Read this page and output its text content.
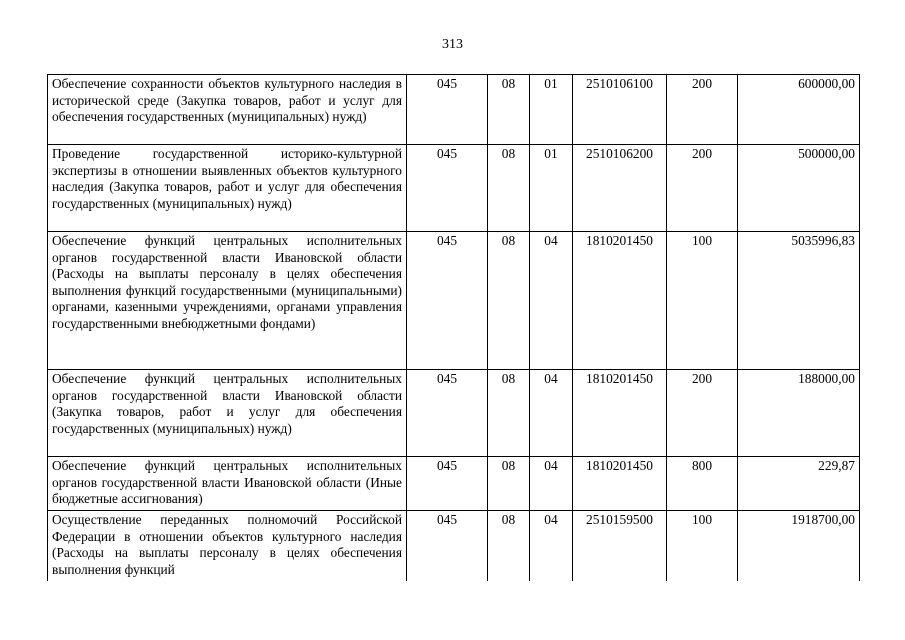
313
Обеспечение сохранности объектов культурного наследия в исторической среде (Закупка товаров, работ и услуг для обеспечения государственных (муниципальных) нужд)	045	08	01	2510106100	200	600000,00
Проведение государственной историко-культурной экспертизы в отношении выявленных объектов культурного наследия (Закупка товаров, работ и услуг для обеспечения государственных (муниципальных) нужд)	045	08	01	2510106200	200	500000,00
Обеспечение функций центральных исполнительных органов государственной власти Ивановской области (Расходы на выплаты персоналу в целях обеспечения выполнения функций государственными (муниципальными) органами, казенными учреждениями, органами управления государственными внебюджетными фондами)	045	08	04	1810201450	100	5035996,83
Обеспечение функций центральных исполнительных органов государственной власти Ивановской области (Закупка товаров, работ и услуг для обеспечения государственных (муниципальных) нужд)	045	08	04	1810201450	200	188000,00
Обеспечение функций центральных исполнительных органов государственной власти Ивановской области (Иные бюджетные ассигнования)	045	08	04	1810201450	800	229,87
Осуществление переданных полномочий Российской Федерации в отношении объектов культурного наследия (Расходы на выплаты персоналу в целях обеспечения выполнения функций	045	08	04	2510159500	100	1918700,00
